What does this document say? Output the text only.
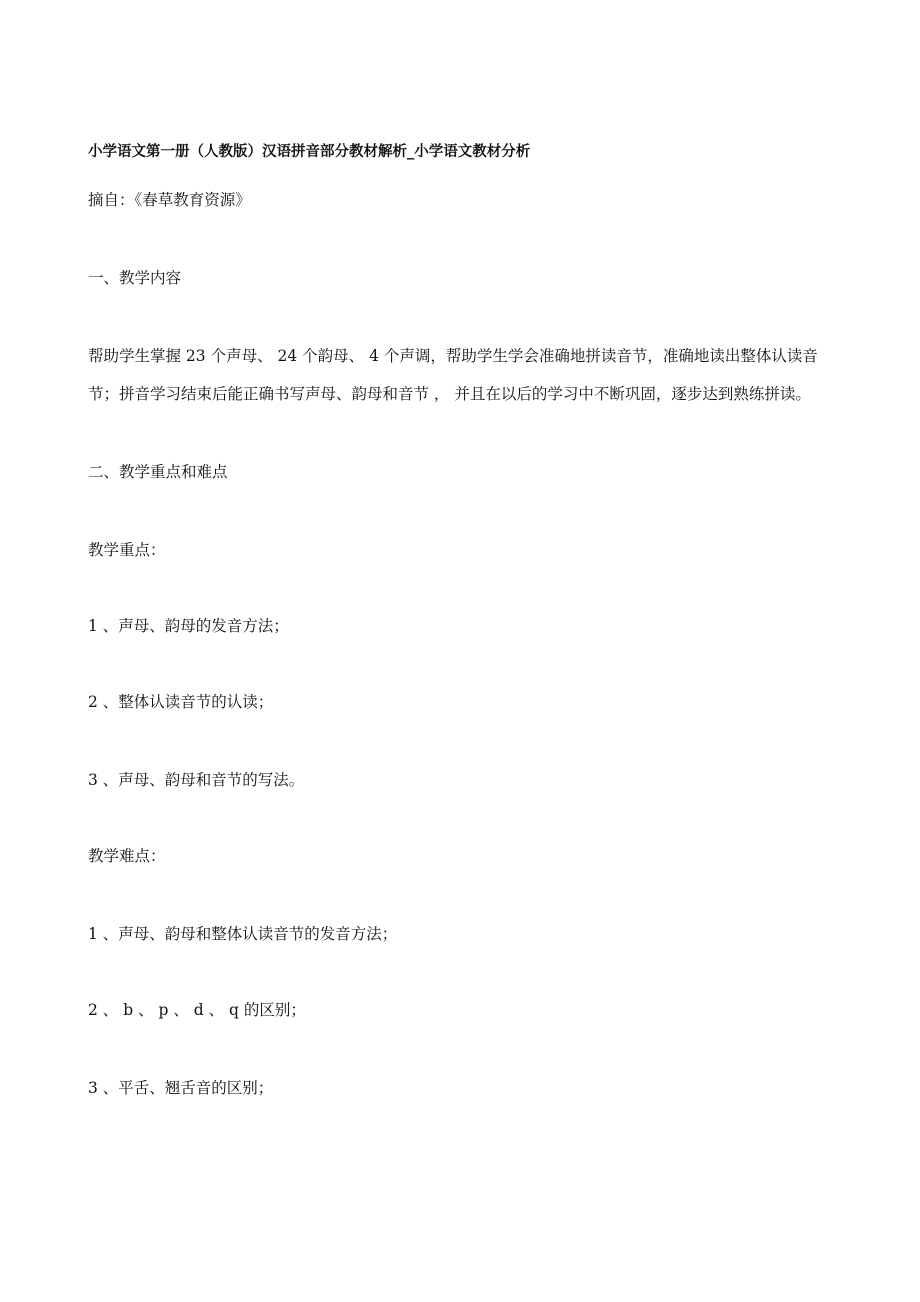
小学语文第一册（人教版）汉语拼音部分教材解析_小学语文教材分析
摘自：《春草教育资源》
一、教学内容
帮助学生掌握 23 个声母、 24 个韵母、 4 个声调，帮助学生学会准确地拼读音节，准确地读出整体认读音
节；拼音学习结束后能正确书写声母、韵母和音节 ， 并且在以后的学习中不断巩固，逐步达到熟练拼读。
二、教学重点和难点
教学重点：
1 、声母、韵母的发音方法；
2 、整体认读音节的认读；
3 、声母、韵母和音节的写法。
教学难点：
1 、声母、韵母和整体认读音节的发音方法；
2 、 b 、 p 、 d 、 q 的区别；
3 、平舌、翘舌音的区别；
